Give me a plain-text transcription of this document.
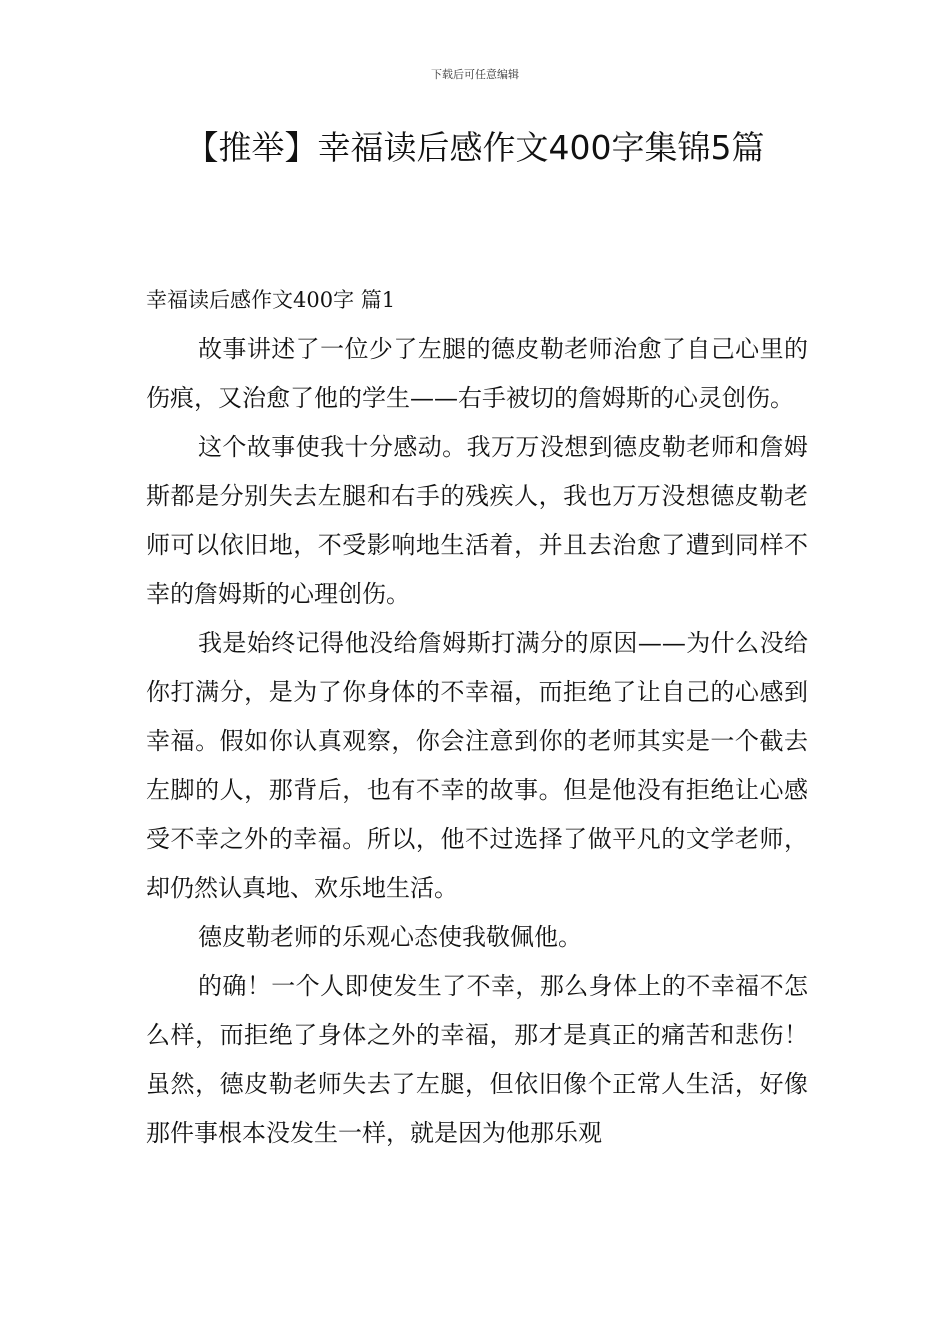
下载后可任意编辑
【推举】幸福读后感作文400字集锦5篇
幸福读后感作文400字 篇1

故事讲述了一位少了左腿的德皮勒老师治愈了自己心里的伤痕，又治愈了他的学生——右手被切的詹姆斯的心灵创伤。

这个故事使我十分感动。我万万没想到德皮勒老师和詹姆斯都是分别失去左腿和右手的残疾人，我也万万没想德皮勒老师可以依旧地，不受影响地生活着，并且去治愈了遭到同样不幸的詹姆斯的心理创伤。

我是始终记得他没给詹姆斯打满分的原因——为什么没给你打满分，是为了你身体的不幸福，而拒绝了让自己的心感到幸福。假如你认真观察，你会注意到你的老师其实是一个截去左脚的人，那背后，也有不幸的故事。但是他没有拒绝让心感受不幸之外的幸福。所以，他不过选择了做平凡的文学老师，却仍然认真地、欢乐地生活。

德皮勒老师的乐观心态使我敬佩他。

的确！一个人即使发生了不幸，那么身体上的不幸福不怎么样，而拒绝了身体之外的幸福，那才是真正的痛苦和悲伤！虽然，德皮勒老师失去了左腿，但依旧像个正常人生活，好像那件事根本没发生一样，就是因为他那乐观
